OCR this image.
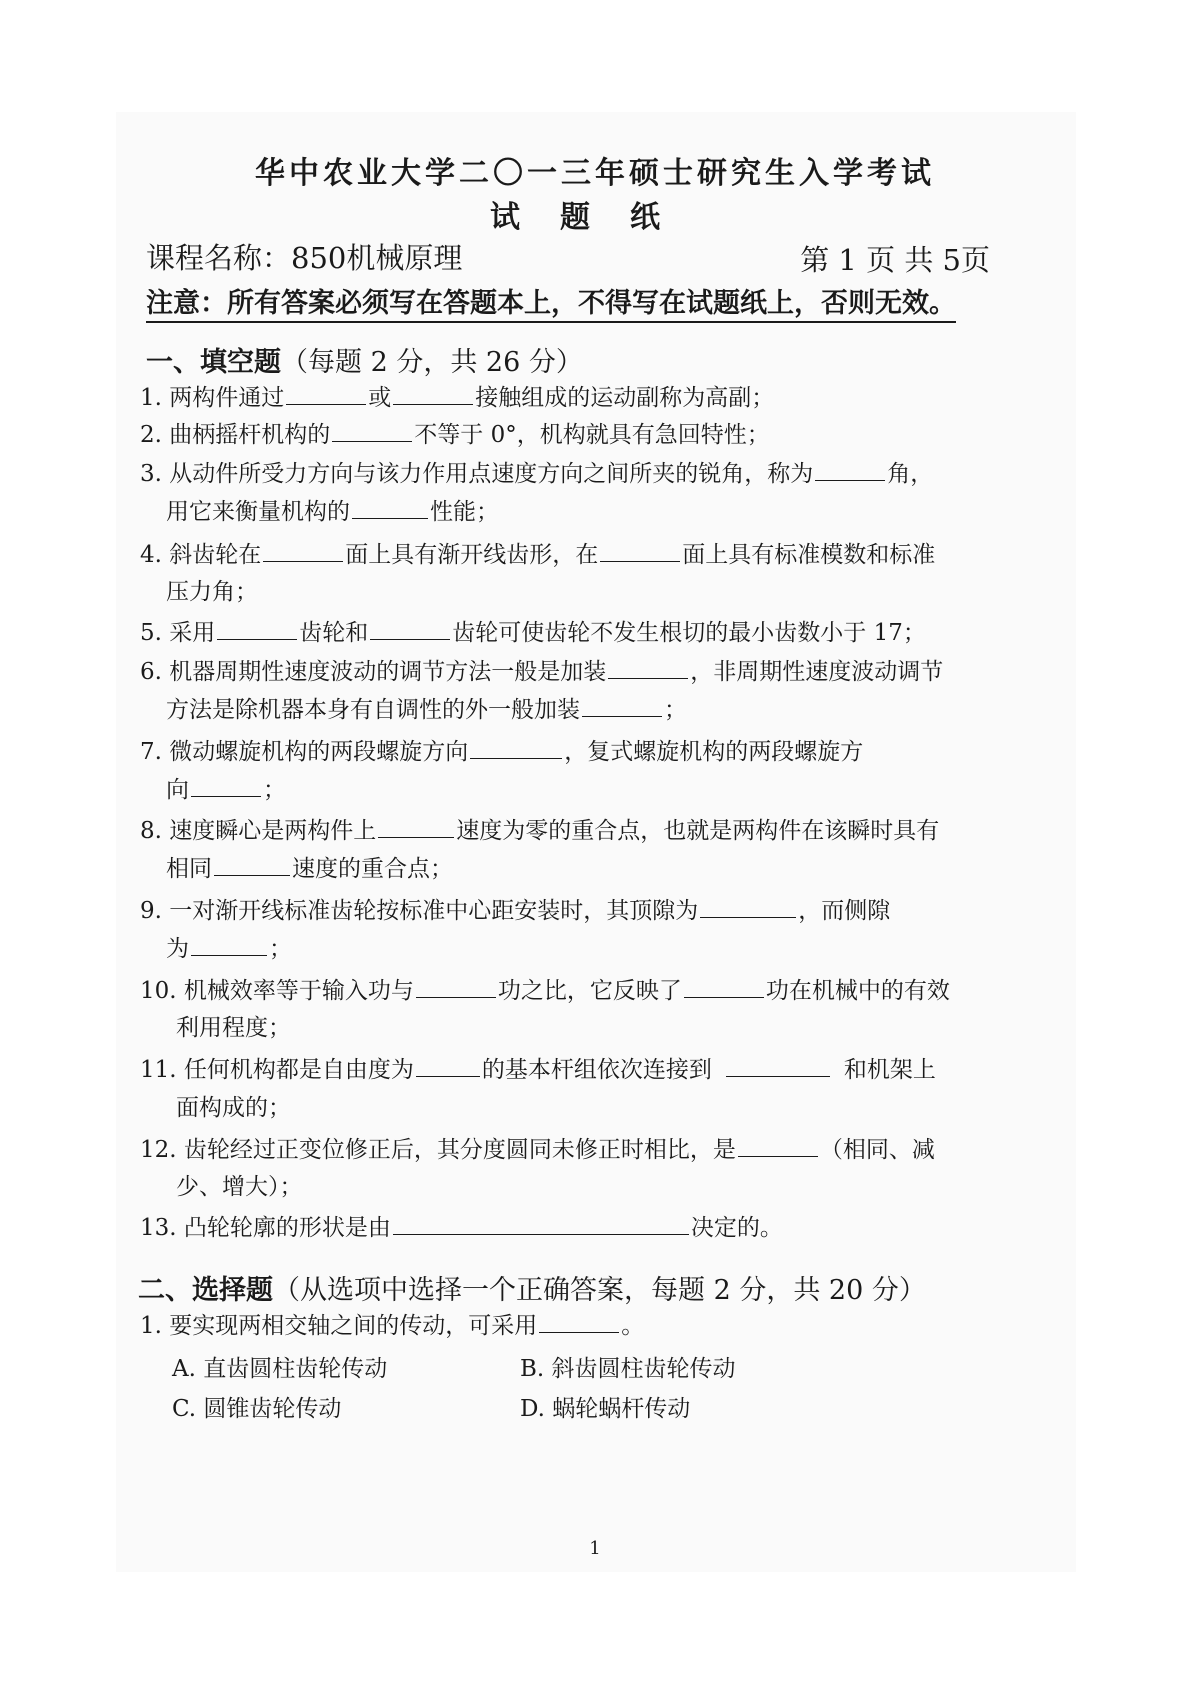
华中农业大学二〇一三年硕士研究生入学考试
试题纸
课程名称：850机械原理	第 1 页 共 5页
注意：所有答案必须写在答题本上，不得写在试题纸上，否则无效。
一、填空题（每题 2 分，共 26 分）
1. 两构件通过	或	接触组成的运动副称为高副；
2. 曲柄摇杆机构的	不等于 0°，机构就具有急回特性；
3. 从动件所受力方向与该力作用点速度方向之间所夹的锐角，称为	角，
用它来衡量机构的	性能；
4. 斜齿轮在	面上具有渐开线齿形，在	面上具有标准模数和标准
压力角；
5. 采用	齿轮和	齿轮可使齿轮不发生根切的最小齿数小于 17；
6. 机器周期性速度波动的调节方法一般是加装	，非周期性速度波动调节
方法是除机器本身有自调性的外一般加装	；
7. 微动螺旋机构的两段螺旋方向	，复式螺旋机构的两段螺旋方
向	；
8. 速度瞬心是两构件上	速度为零的重合点，也就是两构件在该瞬时具有
相同	速度的重合点；
9. 一对渐开线标准齿轮按标准中心距安装时，其顶隙为	，而侧隙
为	；
10. 机械效率等于输入功与	功之比，它反映了	功在机械中的有效
利用程度；
11. 任何机构都是自由度为	的基本杆组依次连接到	和机架上
面构成的；
12. 齿轮经过正变位修正后，其分度圆同未修正时相比，是	（相同、减
少、增大）；
13. 凸轮轮廓的形状是由	决定的。
二、选择题（从选项中选择一个正确答案，每题 2 分，共 20 分）
1. 要实现两相交轴之间的传动，可采用	。
A. 直齿圆柱齿轮传动	B. 斜齿圆柱齿轮传动
C. 圆锥齿轮传动	D. 蜗轮蜗杆传动
1
